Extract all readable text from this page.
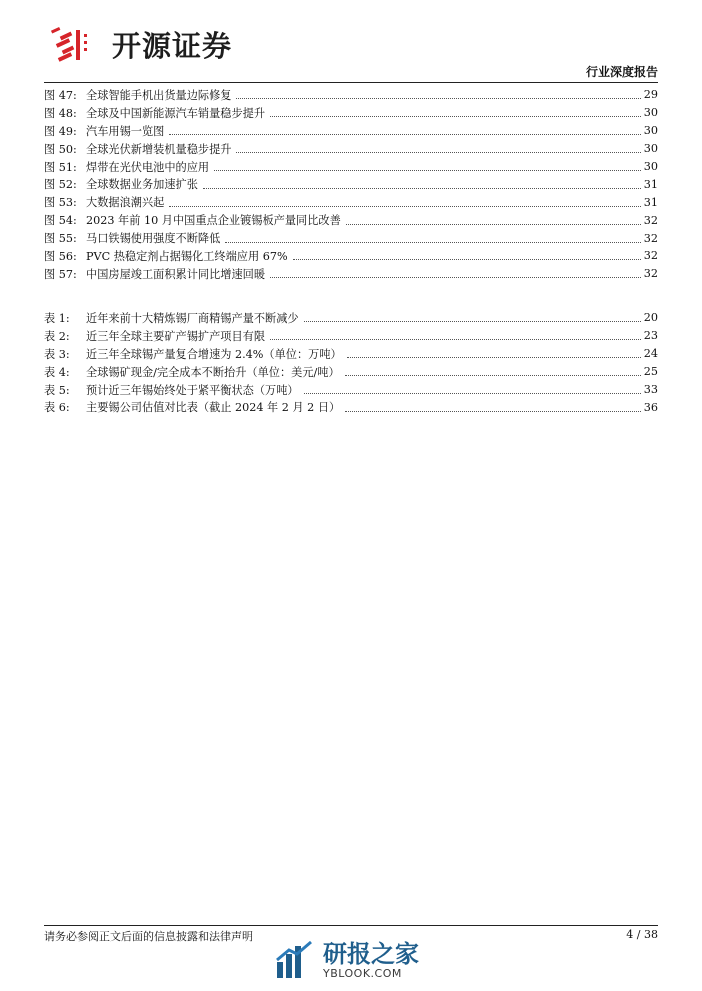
开源证券
行业深度报告
图 47: 全球智能手机出货量边际修复	29
图 48: 全球及中国新能源汽车销量稳步提升	30
图 49: 汽车用锡一览图	30
图 50: 全球光伏新增装机量稳步提升	30
图 51: 焊带在光伏电池中的应用	30
图 52: 全球数据业务加速扩张	31
图 53: 大数据浪潮兴起	31
图 54: 2023 年前 10 月中国重点企业镀锡板产量同比改善	32
图 55: 马口铁锡使用强度不断降低	32
图 56: PVC 热稳定剂占据锡化工终端应用 67%	32
图 57: 中国房屋竣工面积累计同比增速回暖	32
表 1:	近年来前十大精炼锡厂商精锡产量不断减少	20
表 2:	近三年全球主要矿产锡扩产项目有限	23
表 3:	近三年全球锡产量复合增速为 2.4%（单位：万吨）	24
表 4:	全球锡矿现金/完全成本不断抬升（单位：美元/吨）	25
表 5:	预计近三年锡始终处于紧平衡状态（万吨）	33
表 6:	主要锡公司估值对比表（截止 2024 年 2 月 2 日）	36
请务必参阅正文后面的信息披露和法律声明	4 / 38
研报之家
YBLOOK.COM
